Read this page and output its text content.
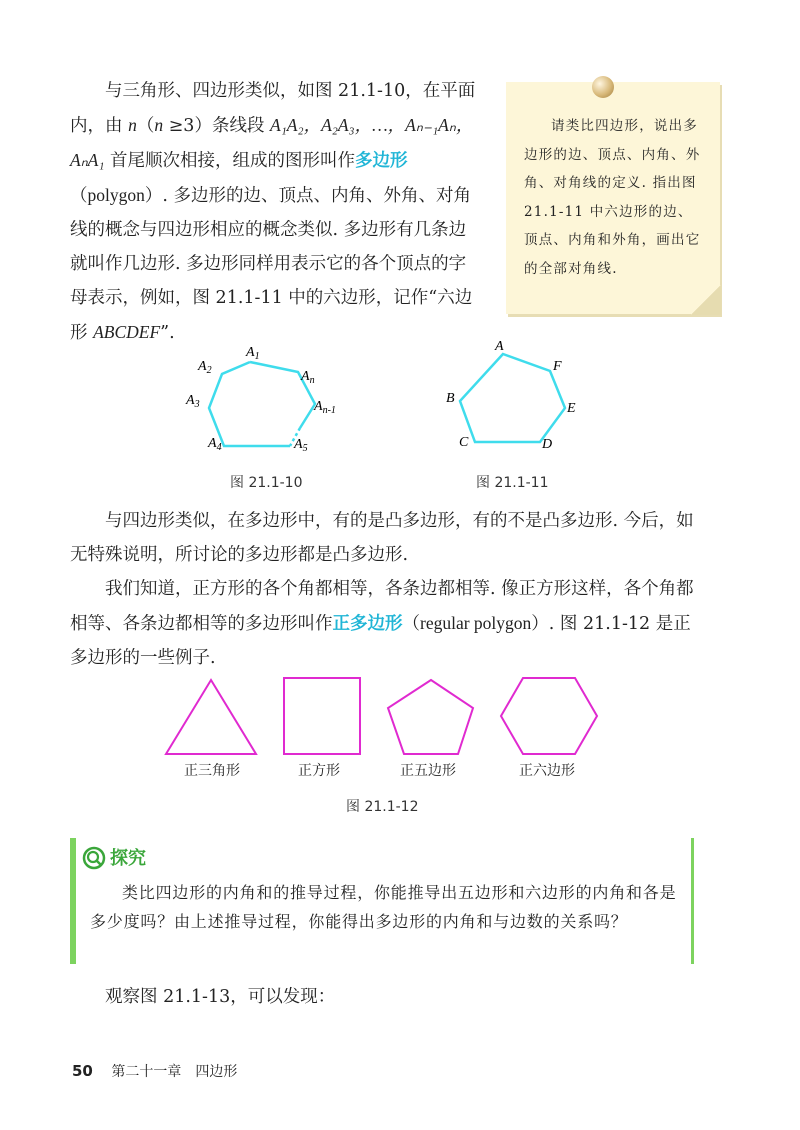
与三角形、四边形类似，如图 21.1-10，在平面内，由 n（n ≥3）条线段 A₁A₂，A₂A₃，…，Aₙ₋₁Aₙ，AₙA₁ 首尾顺次相接，组成的图形叫作多边形（polygon）. 多边形的边、顶点、内角、外角、对角线的概念与四边形相应的概念类似. 多边形有几条边就叫作几边形. 多边形同样用表示它的各个顶点的字母表示，例如，图 21.1-11 中的六边形，记作“六边形 ABCDEF”.

请类比四边形，说出多边形的边、顶点、内角、外角、对角线的定义. 指出图 21.1-11 中六边形的边、顶点、内角和外角，画出它的全部对角线.

$A_1$
$A_n$
$A_{n-1}$
$A_5$
$A_4$
$A_3$
$A_2$
图 21.1-10
A
F
E
D
C
B
图 21.1-11

与四边形类似，在多边形中，有的是凸多边形，有的不是凸多边形. 今后，如无特殊说明，所讨论的多边形都是凸多边形.

我们知道，正方形的各个角都相等，各条边都相等. 像正方形这样，各个角都相等、各条边都相等的多边形叫作正多边形（regular polygon）. 图 21.1-12 是正多边形的一些例子.

正三角形	正方形	正五边形	正六边形
图 21.1-12
探究

类比四边形的内角和的推导过程，你能推导出五边形和六边形的内角和各是多少度吗？由上述推导过程，你能得出多边形的内角和与边数的关系吗？

观察图 21.1-13，可以发现：

50 第二十一章　四边形
